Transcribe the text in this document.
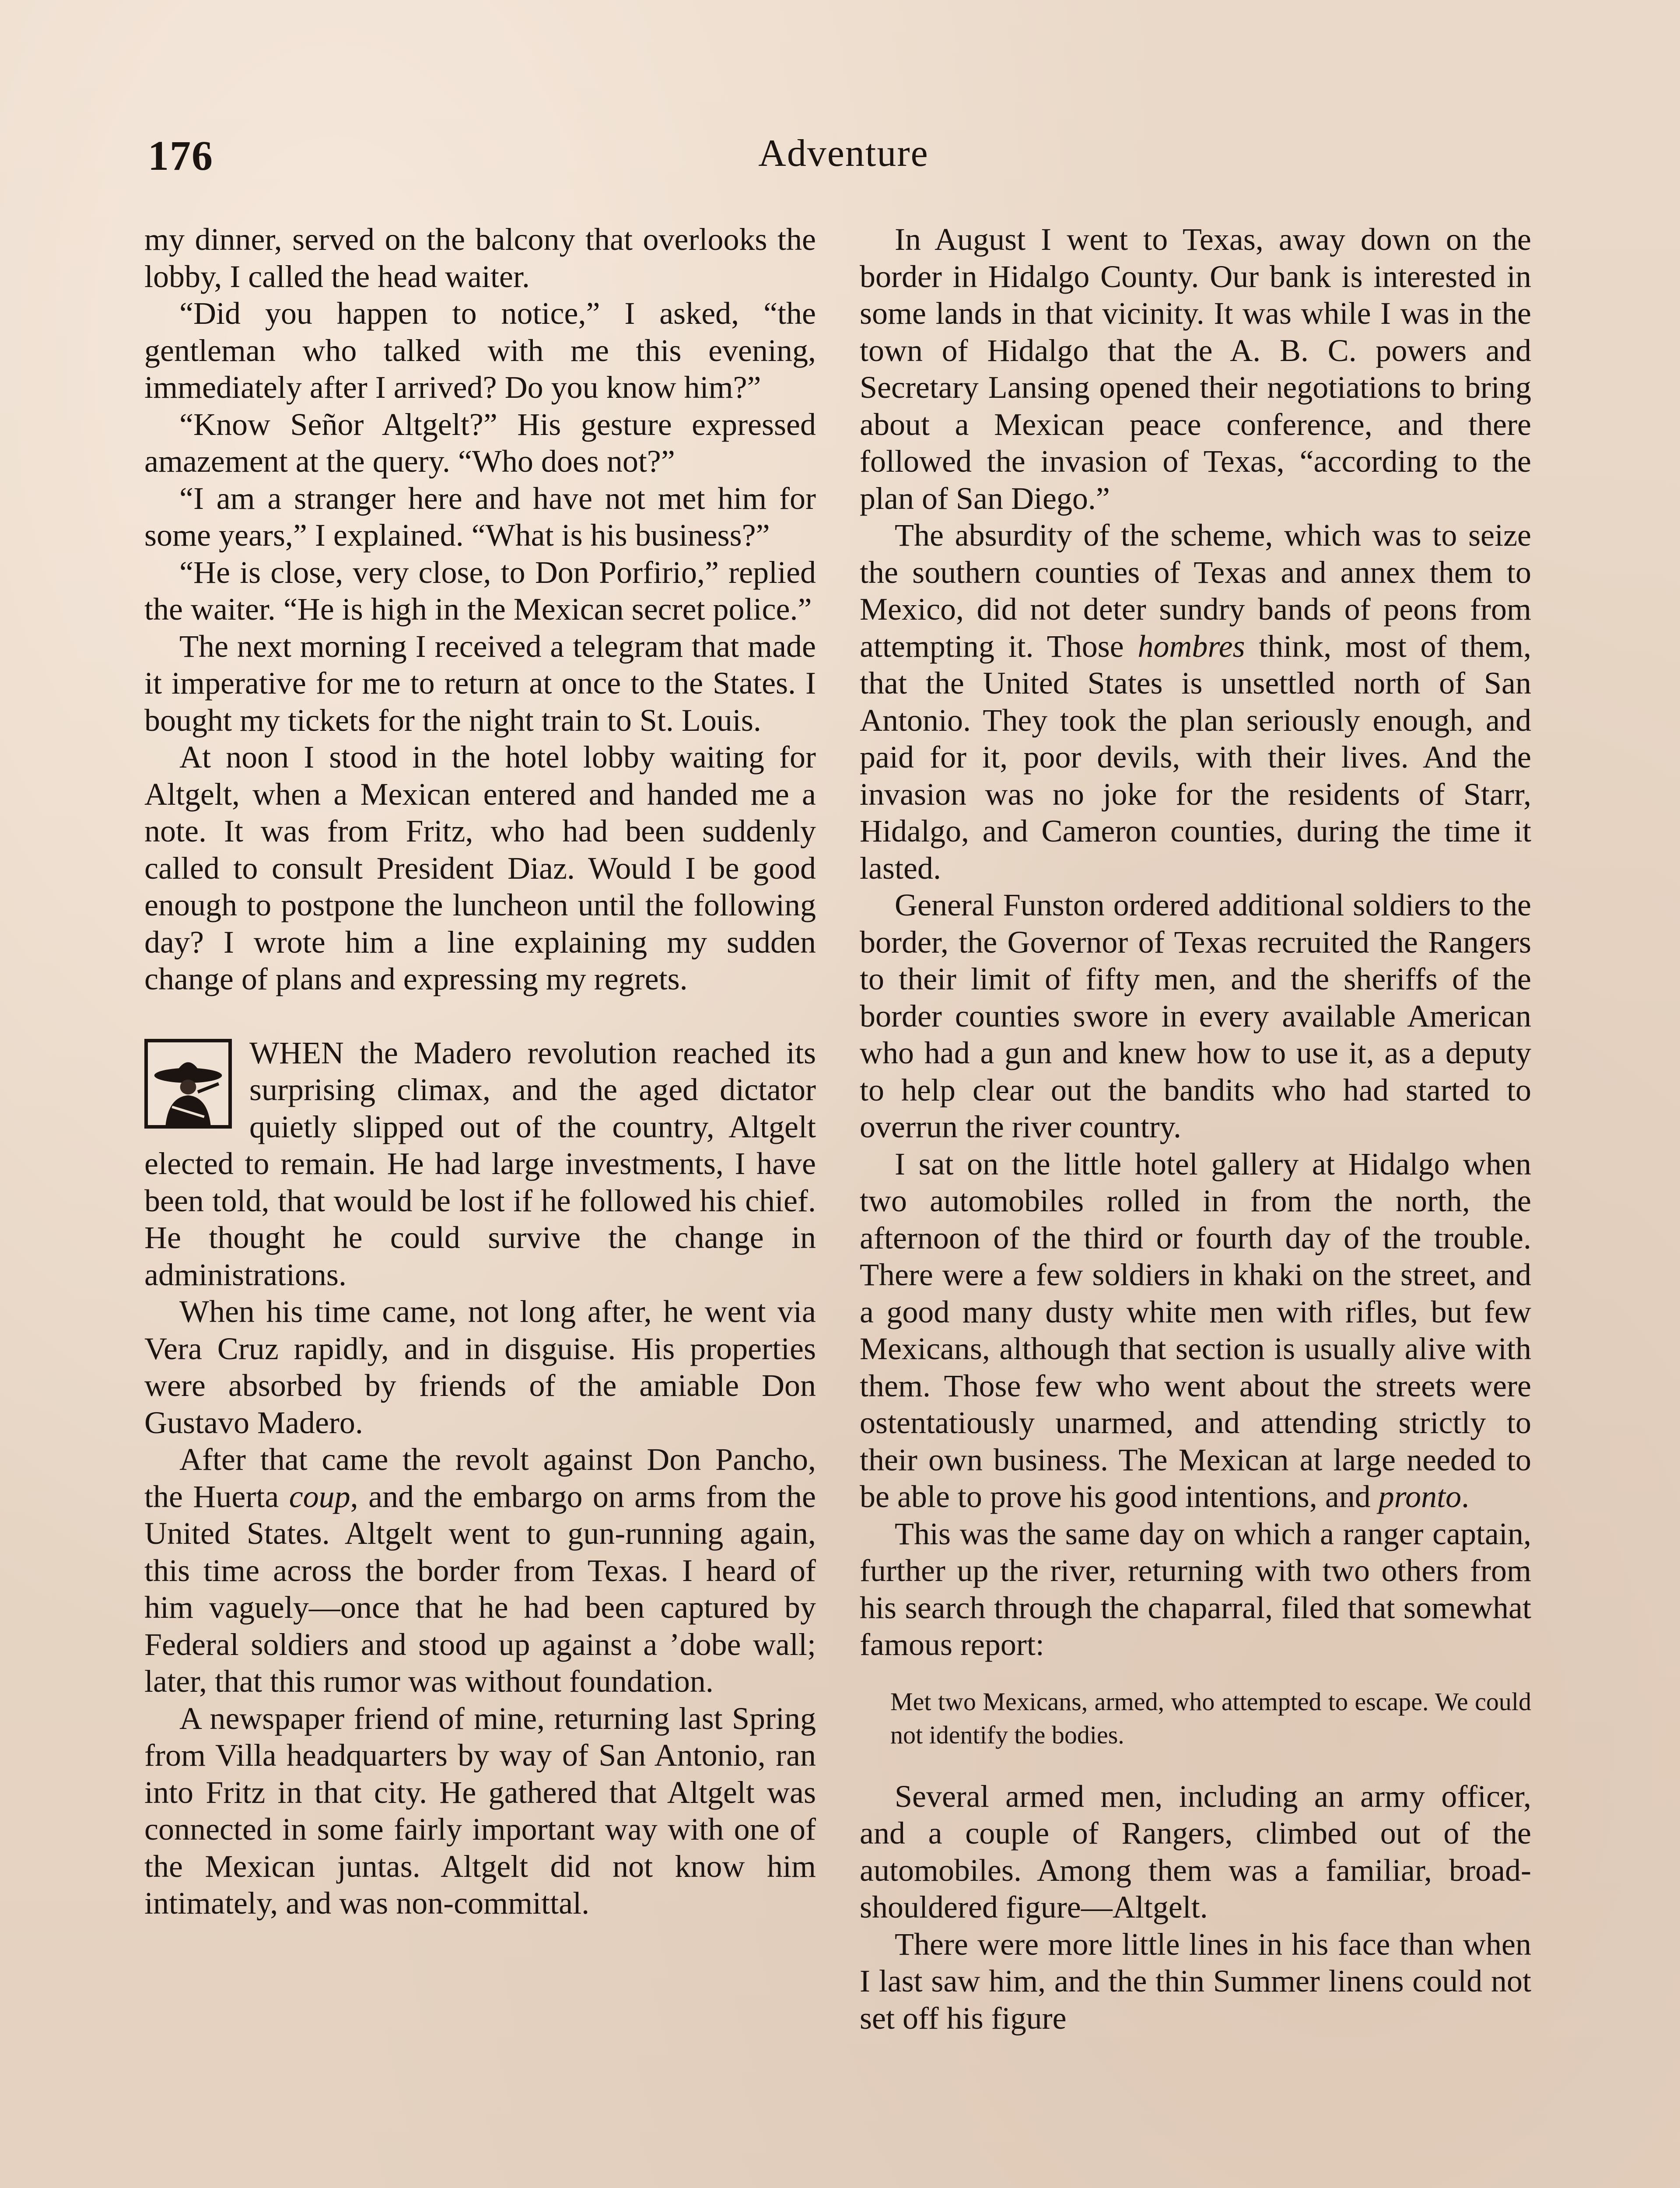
176	Adventure

my dinner, served on the balcony that overlooks the lobby, I called the head waiter.

“Did you happen to notice,” I asked, “the gentleman who talked with me this evening, immediately after I arrived? Do you know him?”

“Know Señor Altgelt?” His gesture expressed amazement at the query. “Who does not?”

“I am a stranger here and have not met him for some years,” I explained. “What is his business?”

“He is close, very close, to Don Porfirio,” replied the waiter. “He is high in the Mexican secret police.”

The next morning I received a telegram that made it imperative for me to return at once to the States. I bought my tickets for the night train to St. Louis.

At noon I stood in the hotel lobby waiting for Altgelt, when a Mexican entered and handed me a note. It was from Fritz, who had been suddenly called to consult President Diaz. Would I be good enough to postpone the luncheon until the following day? I wrote him a line explaining my sudden change of plans and expressing my regrets.

WHEN the Madero revolution reached its surprising climax, and the aged dictator quietly slipped out of the country, Altgelt elected to remain. He had large investments, I have been told, that would be lost if he followed his chief. He thought he could survive the change in administrations.

When his time came, not long after, he went via Vera Cruz rapidly, and in disguise. His properties were absorbed by friends of the amiable Don Gustavo Madero.

After that came the revolt against Don Pancho, the Huerta coup, and the embargo on arms from the United States. Altgelt went to gun-running again, this time across the border from Texas. I heard of him vaguely—once that he had been captured by Federal soldiers and stood up against a ’dobe wall; later, that this rumor was without foundation.

A newspaper friend of mine, returning last Spring from Villa headquarters by way of San Antonio, ran into Fritz in that city. He gathered that Altgelt was connected in some fairly important way with one of the Mexican juntas. Altgelt did not know him intimately, and was non-committal.

In August I went to Texas, away down on the border in Hidalgo County. Our bank is interested in some lands in that vicinity. It was while I was in the town of Hidalgo that the A. B. C. powers and Secretary Lansing opened their negotiations to bring about a Mexican peace conference, and there followed the invasion of Texas, “according to the plan of San Diego.”

The absurdity of the scheme, which was to seize the southern counties of Texas and annex them to Mexico, did not deter sundry bands of peons from attempting it. Those hombres think, most of them, that the United States is unsettled north of San Antonio. They took the plan seriously enough, and paid for it, poor devils, with their lives. And the invasion was no joke for the residents of Starr, Hidalgo, and Cameron counties, during the time it lasted.

General Funston ordered additional soldiers to the border, the Governor of Texas recruited the Rangers to their limit of fifty men, and the sheriffs of the border counties swore in every available American who had a gun and knew how to use it, as a deputy to help clear out the bandits who had started to overrun the river country.

I sat on the little hotel gallery at Hidalgo when two automobiles rolled in from the north, the afternoon of the third or fourth day of the trouble. There were a few soldiers in khaki on the street, and a good many dusty white men with rifles, but few Mexicans, although that section is usually alive with them. Those few who went about the streets were ostentatiously unarmed, and attending strictly to their own business. The Mexican at large needed to be able to prove his good intentions, and pronto.

This was the same day on which a ranger captain, further up the river, returning with two others from his search through the chaparral, filed that somewhat famous report:

Met two Mexicans, armed, who attempted to escape. We could not identify the bodies.

Several armed men, including an army officer, and a couple of Rangers, climbed out of the automobiles. Among them was a familiar, broad-shouldered figure—Altgelt.

There were more little lines in his face than when I last saw him, and the thin Summer linens could not set off his figure
